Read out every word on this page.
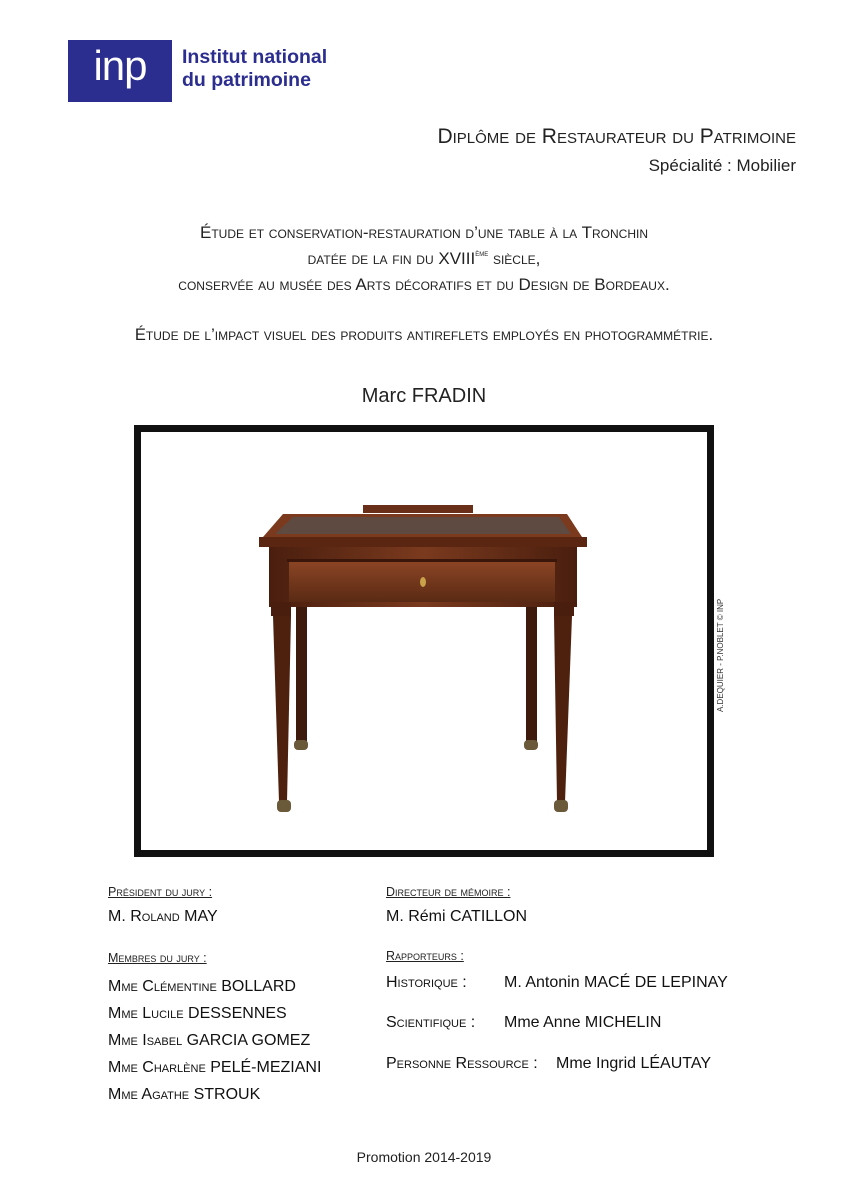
inp	Institut national
du patrimoine
Diplôme de Restaurateur du Patrimoine
Spécialité : Mobilier
Étude et conservation-restauration d’une table à la Tronchin
datée de la fin du XVIIIème siècle,
conservée au musée des Arts décoratifs et du Design de Bordeaux.
Étude de l’impact visuel des produits antireflets employés en photogrammétrie.
Marc FRADIN
A.DEQUIER - P.NOBLET © INP
Président du jury :
M. Roland MAY
Membres du jury :
Mme Clémentine BOLLARD
Mme Lucile DESSENNES
Mme Isabel GARCIA GOMEZ
Mme Charlène PELÉ-MEZIANI
Mme Agathe STROUK
Directeur de mémoire :
M. Rémi CATILLON
Rapporteurs :
Historique : M. Antonin MACÉ DE LEPINAY
Scientifique : Mme Anne MICHELIN
Personne Ressource : Mme Ingrid LÉAUTAY
Promotion 2014-2019
